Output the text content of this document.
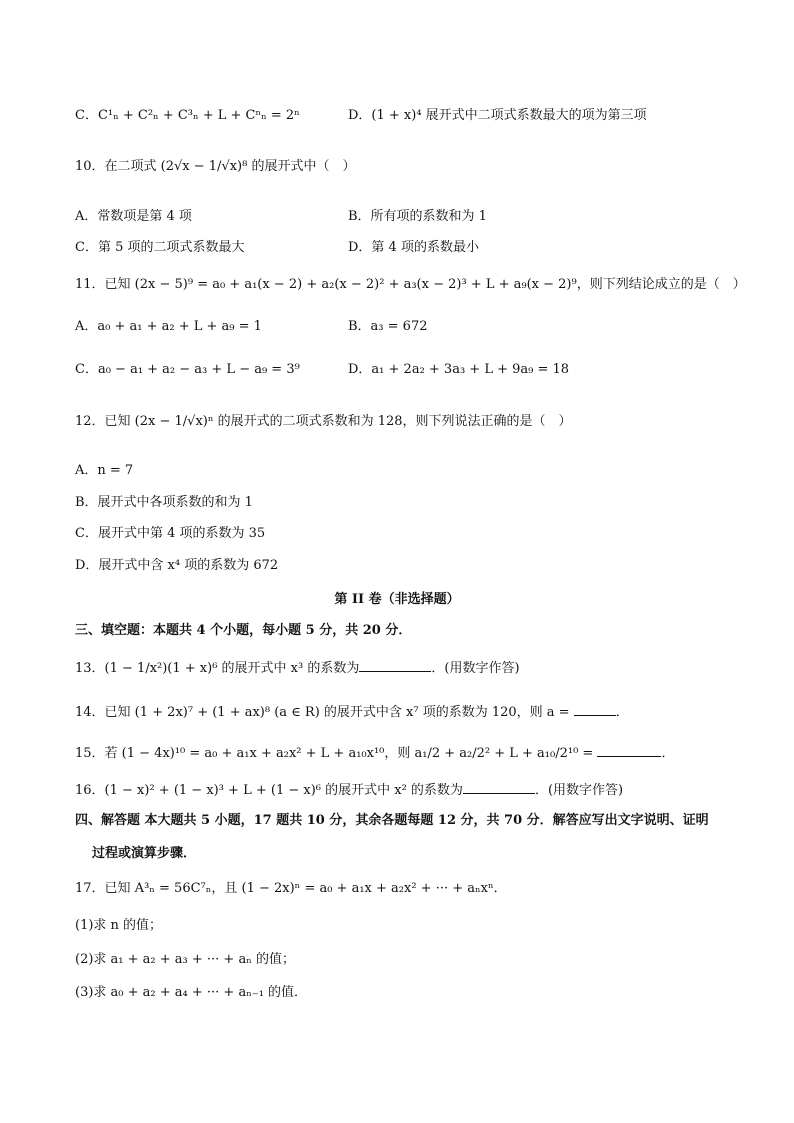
C．C¹ₙ + C²ₙ + C³ₙ + L + Cⁿₙ = 2ⁿ	D．(1 + x)⁴ 展开式中二项式系数最大的项为第三项
10．在二项式 (2√x − 1/√x)⁸ 的展开式中（　）
A．常数项是第 4 项	B．所有项的系数和为 1
C．第 5 项的二项式系数最大	D．第 4 项的系数最小
11．已知 (2x − 5)⁹ = a₀ + a₁(x − 2) + a₂(x − 2)² + a₃(x − 2)³ + L + a₉(x − 2)⁹，则下列结论成立的是（　）
A．a₀ + a₁ + a₂ + L + a₉ = 1	B．a₃ = 672
C．a₀ − a₁ + a₂ − a₃ + L − a₉ = 3⁹	D．a₁ + 2a₂ + 3a₃ + L + 9a₉ = 18
12．已知 (2x − 1/√x)ⁿ 的展开式的二项式系数和为 128，则下列说法正确的是（　）
A．n = 7
B．展开式中各项系数的和为 1
C．展开式中第 4 项的系数为 35
D．展开式中含 x⁴ 项的系数为 672
第 II 卷（非选择题）
三、填空题：本题共 4 个小题，每小题 5 分，共 20 分．
13．(1 − 1/x²)(1 + x)⁶ 的展开式中 x³ 的系数为	．(用数字作答)
14．已知 (1 + 2x)⁷ + (1 + ax)⁸ (a ∈ R) 的展开式中含 x⁷ 项的系数为 120，则 a =	．
15．若 (1 − 4x)¹⁰ = a₀ + a₁x + a₂x² + L + a₁₀x¹⁰，则 a₁/2 + a₂/2² + L + a₁₀/2¹⁰ =	．
16．(1 − x)² + (1 − x)³ + L + (1 − x)⁶ 的展开式中 x² 的系数为	．(用数字作答)
四、解答题 本大题共 5 小题，17 题共 10 分，其余各题每题 12 分，共 70 分．解答应写出文字说明、证明
过程或演算步骤．
17．已知 A³ₙ = 56C⁷ₙ，且 (1 − 2x)ⁿ = a₀ + a₁x + a₂x² + ··· + aₙxⁿ．
(1)求 n 的值；
(2)求 a₁ + a₂ + a₃ + ··· + aₙ 的值；
(3)求 a₀ + a₂ + a₄ + ··· + aₙ₋₁ 的值．
